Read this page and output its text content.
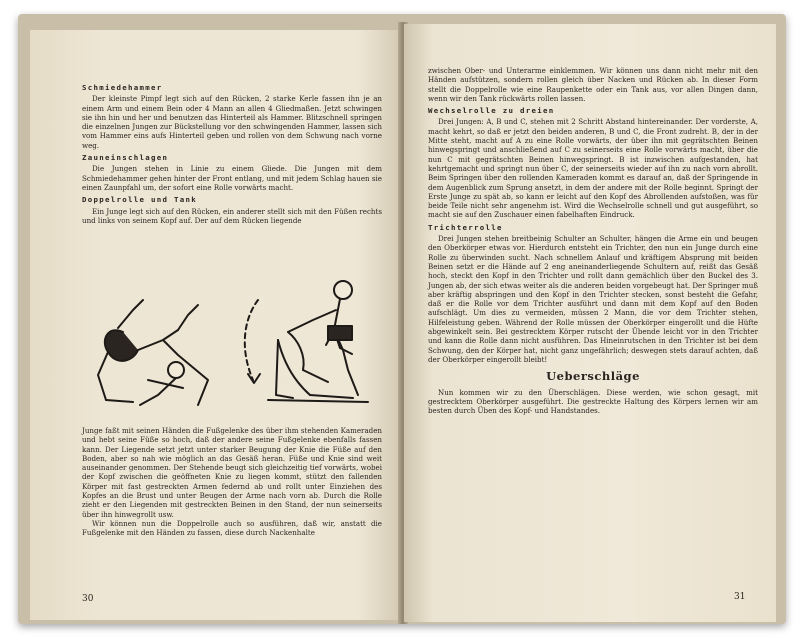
Schmiedehammer

Der kleinste Pimpf legt sich auf den Rücken, 2 starke Kerle fassen ihn je an einem Arm und einem Bein oder 4 Mann an allen 4 Gliedmaßen. Jetzt schwingen sie ihn hin und her und benutzen das Hinterteil als Hammer. Blitzschnell springen die einzelnen Jungen zur Bückstellung vor den schwingenden Hammer, lassen sich vom Hammer eins aufs Hinterteil geben und rollen von dem Schwung nach vorne weg.

Zauneinschlagen

Die Jungen stehen in Linie zu einem Gliede. Die Jungen mit dem Schmiedehammer gehen hinter der Front entlang, und mit jedem Schlag hauen sie einen Zaunpfahl um, der sofort eine Rolle vorwärts macht.

Doppelrolle und Tank

Ein Junge legt sich auf den Rücken, ein anderer stellt sich mit den Füßen rechts und links von seinem Kopf auf. Der auf dem Rücken liegende

Junge faßt mit seinen Händen die Fußgelenke des über ihm stehenden Kameraden und hebt seine Füße so hoch, daß der andere seine Fußgelenke ebenfalls fassen kann. Der Liegende setzt jetzt unter starker Beugung der Knie die Füße auf den Boden, aber so nah wie möglich an das Gesäß heran. Füße und Knie sind weit auseinander genommen. Der Stehende beugt sich gleichzeitig tief vorwärts, wobei der Kopf zwischen die geöffneten Knie zu liegen kommt, stützt den fallenden Körper mit fast gestreckten Armen federnd ab und rollt unter Einziehen des Kopfes an die Brust und unter Beugen der Arme nach vorn ab. Durch die Rolle zieht er den Liegenden mit gestreckten Beinen in den Stand, der nun seinerseits über ihn hinwegrollt usw.

Wir können nun die Doppelrolle auch so ausführen, daß wir, anstatt die Fußgelenke mit den Händen zu fassen, diese durch Nackenhalte

30

zwischen Ober- und Unterarme einklemmen. Wir können uns dann nicht mehr mit den Händen aufstützen, sondern rollen gleich über Nacken und Rücken ab. In dieser Form stellt die Doppelrolle wie eine Raupenkette oder ein Tank aus, vor allen Dingen dann, wenn wir den Tank rückwärts rollen lassen.

Wechselrolle zu dreien

Drei Jungen: A, B und C, stehen mit 2 Schritt Abstand hintereinander. Der vorderste, A, macht kehrt, so daß er jetzt den beiden anderen, B und C, die Front zudreht. B, der in der Mitte steht, macht auf A zu eine Rolle vorwärts, der über ihn mit gegrätschten Beinen hinwegspringt und anschließend auf C zu seinerseits eine Rolle vorwärts macht, über die nun C mit gegrätschten Beinen hinwegspringt. B ist inzwischen aufgestanden, hat kehrtgemacht und springt nun über C, der seinerseits wieder auf ihn zu nach vorn abrollt. Beim Springen über den rollenden Kameraden kommt es darauf an, daß der Springende in dem Augenblick zum Sprung ansetzt, in dem der andere mit der Rolle beginnt. Springt der Erste Junge zu spät ab, so kann er leicht auf den Kopf des Abrollenden aufstoßen, was für beide Teile nicht sehr angenehm ist. Wird die Wechselrolle schnell und gut ausgeführt, so macht sie auf den Zuschauer einen fabelhaften Eindruck.

Trichterrolle

Drei Jungen stehen breitbeinig Schulter an Schulter, hängen die Arme ein und beugen den Oberkörper etwas vor. Hierdurch entsteht ein Trichter, den nun ein Junge durch eine Rolle zu überwinden sucht. Nach schnellem Anlauf und kräftigem Absprung mit beiden Beinen setzt er die Hände auf 2 eng aneinanderliegende Schultern auf, reißt das Gesäß hoch, steckt den Kopf in den Trichter und rollt dann gemächlich über den Buckel des 3. Jungen ab, der sich etwas weiter als die anderen beiden vorgebeugt hat. Der Springer muß aber kräftig abspringen und den Kopf in den Trichter stecken, sonst besteht die Gefahr, daß er die Rolle vor dem Trichter ausführt und dann mit dem Kopf auf den Boden aufschlägt. Um dies zu vermeiden, müssen 2 Mann, die vor dem Trichter stehen, Hilfeleistung geben. Während der Rolle müssen der Oberkörper eingerollt und die Hüfte abgewinkelt sein. Bei gestrecktem Körper rutscht der Übende leicht vor in den Trichter und kann die Rolle dann nicht ausführen. Das Hineinrutschen in den Trichter ist bei dem Schwung, den der Körper hat, nicht ganz ungefährlich; deswegen stets darauf achten, daß der Oberkörper eingerollt bleibt!

Ueberschläge

Nun kommen wir zu den Überschlägen. Diese werden, wie schon gesagt, mit gestrecktem Oberkörper ausgeführt. Die gestreckte Haltung des Körpers lernen wir am besten durch Üben des Kopf- und Handstandes.

31
